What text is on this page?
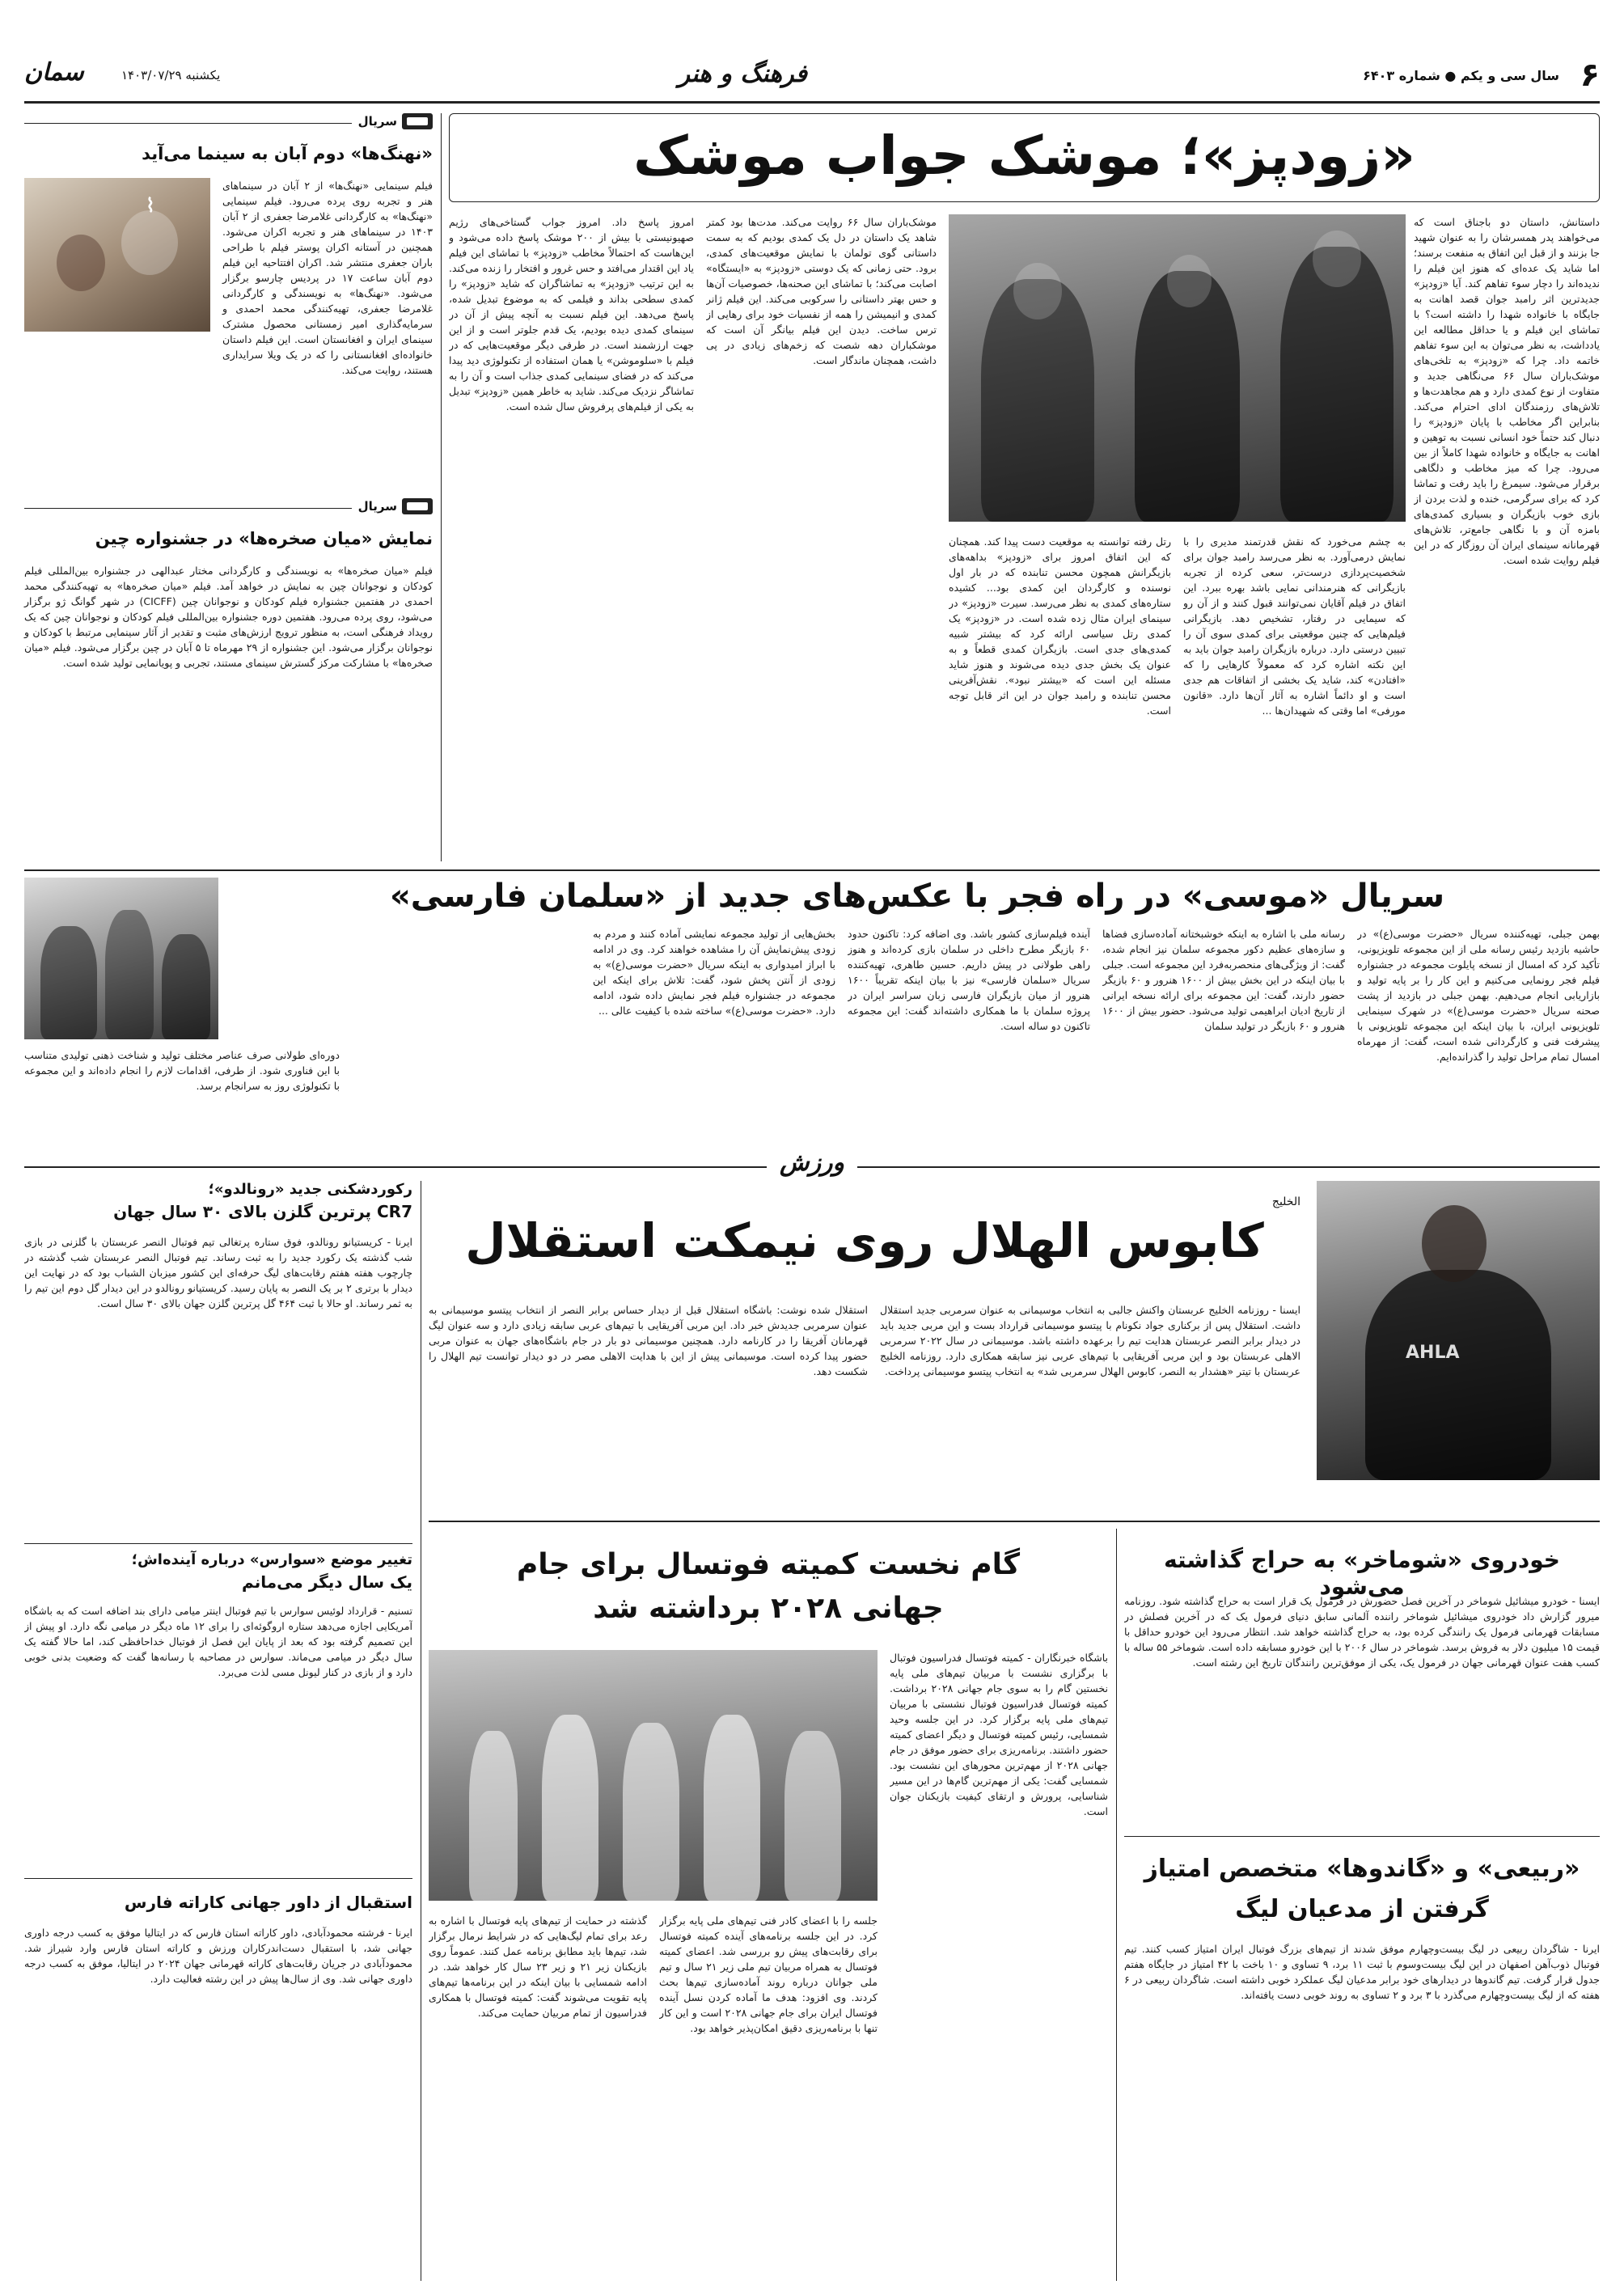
۶
سال سی و یکم ● شماره ۶۴۰۳
فرهنگ و هنر
یکشنبه ۱۴۰۳/۰۷/۲۹
سمان
سریال
«نهنگ‌ها» دوم آبان به سینما می‌آید
⌇
فیلم سینمایی «نهنگ‌ها» از ۲ آبان در سینماهای هنر و تجربه روی پرده می‌رود. فیلم سینمایی «نهنگ‌ها» به کارگردانی غلامرضا جعفری از ۲ آبان ۱۴۰۳ در سینماهای هنر و تجربه اکران می‌شود. همچنین در آستانه اکران پوستر فیلم با طراحی باران جعفری منتشر شد. اکران افتتاحیه این فیلم دوم آبان ساعت ۱۷ در پردیس چارسو برگزار می‌شود. «نهنگ‌ها» به نویسندگی و کارگردانی غلامرضا جعفری، تهیه‌کنندگی محمد احمدی و سرمایه‌گذاری امیر زمستانی محصول مشترک سینمای ایران و افغانستان است. این فیلم داستان خانواده‌ای افغانستانی را که در یک ویلا سرایداری هستند، روایت می‌کند.
سریال
نمایش «میان صخره‌ها» در جشنواره چین
فیلم «میان صخره‌ها» به نویسندگی و کارگردانی مختار عبدالهی در جشنواره بین‌المللی فیلم کودکان و نوجوانان چین به نمایش در خواهد آمد. فیلم «میان صخره‌ها» به تهیه‌کنندگی محمد احمدی در هفتمین جشنواره فیلم کودکان و نوجوانان چین (CICFF) در شهر گوانگ ژو برگزار می‌شود، روی پرده می‌رود. هفتمین دوره جشنواره بین‌المللی فیلم کودکان و نوجوانان چین که یک رویداد فرهنگی است، به منظور ترویج ارزش‌های مثبت و تقدیر از آثار سینمایی مرتبط با کودکان و نوجوانان برگزار می‌شود. این جشنواره از ۲۹ مهرماه تا ۵ آبان در چین برگزار می‌شود. فیلم «میان صخره‌ها» با مشارکت مرکز گسترش سینمای مستند، تجربی و پویانمایی تولید شده است.
«زودپز»؛ موشک جواب موشک
داستانش، داستان دو باجناق است که می‌خواهند پدر همسرشان را به عنوان شهید جا بزنند و از قبل این اتفاق به منفعت برسند؛ اما شاید یک عده‌ای که هنوز این فیلم را ندیده‌اند را دچار سوء تفاهم کند. آیا «زودپز» جدیدترین اثر رامبد جوان قصد اهانت به جایگاه با خانواده شهدا را داشته است؟ با تماشای این فیلم و یا حداقل مطالعه این یادداشت، به نظر می‌توان به این سوء تفاهم خاتمه داد. چرا که «زودپز» به تلخی‌های موشک‌باران سال ۶۶ می‌نگاهی جدید و متفاوت از نوع کمدی دارد و هم مجاهدت‌ها و تلاش‌های رزمندگان ادای احترام می‌کند. بنابراین اگر مخاطب با پایان «زودپز» را دنبال کند حتماً خود انسانی نسبت به توهین و اهانت به جایگاه و خانواده شهدا کاملاً از بین می‌رود. چرا که میز مخاطب و دلگاهی برقرار می‌شود. سیمرغ را باید رفت و تماشا کرد که برای سرگرمی، خنده و لذت بردن از بازی خوب بازیگران و بسیاری کمدی‌های بامزه آن و با نگاهی جامع‌تر، تلاش‌های قهرمانانه سینمای ایران آن روزگار که در این فیلم روایت شده است.
به چشم می‌خورد که نقش قدرتمند مدیری را با نمایش درمی‌آورد. به نظر می‌رسد رامبد جوان برای شخصیت‌پردازی درست‌تر، سعی کرده از تجربه بازیگرانی که هنرمندانی نمایی باشد بهره ببرد. این اتفاق در فیلم آقایان نمی‌توانند قبول کنند و از آن رو که سیمایی در رفتار، تشخیص دهد. بازیگرانی فیلم‌هایی که چنین موقعیتی برای کمدی سوی آن را تبیین درستی دارد. درباره بازیگران رامبد جوان باید به این نکته اشاره کرد که معمولاً کارهایی را که «افتادن» کند، شاید یک بخشی از اتفاقات هم جدی است و او دائماً اشاره به آثار آن‌ها دارد. «قانون مورفی» اما وقتی که شهیدان‌ها ...
رتل رفته توانسته به موقعیت دست پیدا کند. همچنان که این اتفاق امروز برای «زودپز» بداهه‌های بازیگرانش همچون محسن تنابنده که در بار اول نوسنده و کارگردان این کمدی بود... کشیده ستاره‌های کمدی به نظر می‌رسد. سیرت «زودپز» در سینمای ایران مثال زده شده است. در «زودپز» یک کمدی رتل سیاسی ارائه کرد که بیشتر شبیه کمدی‌های جدی است. بازیگران کمدی قطعاً و به عنوان یک بخش جدی دیده می‌شوند و هنوز شاید مسئله این است که «بیشتر نبود». نقش‌آفرینی محسن تنابنده و رامبد جوان در این اثر قابل توجه است.
موشک‌باران سال ۶۶ روایت می‌کند. مدت‌ها بود کمتر شاهد یک داستان در دل یک کمدی بودیم که به سمت داستانی گوی تولمان با نمایش موقعیت‌های کمدی، برود. حتی زمانی که یک دوستی «زودپز» به «ایستگاه» اصابت می‌کند؛ با تماشای این صحنه‌ها، خصوصیات آن‌ها و حس بهتر داستانی را سرکوبی می‌کند. این فیلم ژانر کمدی و انیمیشن را همه از نفسیات خود برای رهایی از ترس ساخت. دیدن این فیلم بیانگر آن است که موشکباران دهه شصت که زخم‌های زیادی در پی داشت، همچنان ماندگار است.
امروز پاسخ داد. امروز جواب گستاخی‌های رژیم صهیونیستی با بیش از ۲۰۰ موشک پاسخ داده می‌شود و این‌هاست که احتمالاً مخاطب «زودپز» با تماشای این فیلم یاد این اقتدار می‌افتد و حس غرور و افتخار را زنده می‌کند. به این ترتیب «زودپز» به تماشاگران که شاید «زودپز» را کمدی سطحی بداند و فیلمی که به موضوع تبدیل شده، پاسخ می‌دهد. این فیلم نسبت به آنچه پیش از آن در سینمای کمدی دیده بودیم، یک قدم جلوتر است و از این جهت ارزشمند است. در طرفی دیگر موقعیت‌هایی که در فیلم با «سلوموشن» یا همان استفاده از تکنولوژی دید پیدا می‌کند که در فضای سینمایی کمدی جذاب است و آن را به تماشاگر نزدیک می‌کند. شاید به خاطر همین «زودپز» تبدیل به یکی از فیلم‌های پرفروش سال شده است.
سریال «موسی» در راه فجر با عکس‌های جدید از «سلمان فارسی»
بهمن جبلی، تهیه‌کننده سریال «حضرت موسی(ع)» در حاشیه بازدید رئیس رسانه ملی از این مجموعه تلویزیونی، تأکید کرد که امسال از نسخه پایلوت مجموعه در جشنواره فیلم فجر رونمایی می‌کنیم و این کار را بر پایه تولید و بازاریابی انجام می‌دهیم. بهمن جبلی در بازدید از پشت صحنه سریال «حضرت موسی(ع)» در شهرک سینمایی تلویزیونی ایران، با بیان اینکه این مجموعه تلویزیونی با پیشرفت فنی و کارگردانی شده است، گفت: از مهرماه امسال تمام مراحل تولید را گذرانده‌ایم.
رسانه ملی با اشاره به اینکه خوشبختانه آماده‌سازی فضاها و سازه‌های عظیم دکور مجموعه سلمان نیز انجام شده، گفت: از ویژگی‌های منحصربه‌فرد این مجموعه است. جبلی با بیان اینکه در این بخش بیش از ۱۶۰۰ هنرور و ۶۰ بازیگر حضور دارند، گفت: این مجموعه برای ارائه نسخه ایرانی از تاریخ ادیان ابراهیمی تولید می‌شود. حضور بیش از ۱۶۰۰ هنرور و ۶۰ بازیگر در تولید سلمان
آینده فیلم‌سازی کشور باشد. وی اضافه کرد: تاکنون حدود ۶۰ بازیگر مطرح داخلی در سلمان بازی کرده‌اند و هنوز راهی طولانی در پیش داریم. حسین طاهری، تهیه‌کننده سریال «سلمان فارسی» نیز با بیان اینکه تقریباً ۱۶۰۰ هنرور از میان بازیگران فارسی زبان سراسر ایران در پروژه سلمان با ما همکاری داشته‌اند گفت: این مجموعه تاکنون دو ساله است.
بخش‌هایی از تولید مجموعه نمایشی آماده کنند و مردم به زودی پیش‌نمایش آن را مشاهده خواهند کرد. وی در ادامه با ابراز امیدواری به اینکه سریال «حضرت موسی(ع)» به زودی از آنتن پخش شود، گفت: تلاش برای اینکه این مجموعه در جشنواره فیلم فجر نمایش داده شود، ادامه دارد. «حضرت موسی(ع)» ساخته شده با کیفیت عالی ...
دوره‌ای طولانی صرف عناصر مختلف تولید و شناخت ذهنی تولیدی متناسب با این فناوری شود. از طرفی، اقدامات لازم را انجام داده‌اند و این مجموعه با تکنولوژی روز به سرانجام برسد.
ورزش
رکوردشکنی جدید «رونالدو»؛
CR7 پرترین گلزن بالای ۳۰ سال جهان
ایرنا - کریستیانو رونالدو، فوق ستاره پرتغالی تیم فوتبال النصر عربستان با گلزنی در بازی شب گذشته یک رکورد جدید را به ثبت رساند. تیم فوتبال النصر عربستان شب گذشته در چارچوب هفته هفتم رقابت‌های لیگ حرفه‌ای این کشور میزبان الشباب بود که در نهایت این دیدار با برتری ۲ بر یک النصر به پایان رسید. کریستیانو رونالدو در این دیدار گل دوم این تیم را به ثمر رساند. او حالا با ثبت ۴۶۴ گل پرترین گلزن جهان بالای ۳۰ سال است.
تغییر موضع «سوارس» درباره آینده‌اش؛
یک سال دیگر می‌مانم
تسنیم - قرارداد لوئیس سوارس با تیم فوتبال اینتر میامی دارای بند اضافه است که به باشگاه آمریکایی اجازه می‌دهد ستاره اروگوئه‌ای را برای ۱۲ ماه دیگر در میامی نگه دارد. او پیش از این تصمیم گرفته بود که بعد از پایان این فصل از فوتبال خداحافظی کند، اما حالا گفته یک سال دیگر در میامی می‌ماند. سوارس در مصاحبه با رسانه‌ها گفت که وضعیت بدنی خوبی دارد و از بازی در کنار لیونل مسی لذت می‌برد.
استقبال از داور جهانی کاراته فارس
ایرنا - فرشته محمودآبادی، داور کاراته استان فارس که در ایتالیا موفق به کسب درجه داوری جهانی شد، با استقبال دست‌اندرکاران ورزش و کاراته استان فارس وارد شیراز شد. محمودآبادی در جریان رقابت‌های کاراته قهرمانی جهان ۲۰۲۴ در ایتالیا، موفق به کسب درجه داوری جهانی شد. وی از سال‌ها پیش در این رشته فعالیت دارد.
AHLA
الخلیج
کابوس الهلال روی نیمکت استقلال
ایسنا - روزنامه الخلیج عربستان واکنش جالبی به انتخاب موسیمانی به عنوان سرمربی جدید استقلال داشت. استقلال پس از برکناری جواد نکونام با پیتسو موسیمانی قرارداد بست و این مربی جدید باید در دیدار برابر النصر عربستان هدایت تیم را برعهده داشته باشد. موسیمانی در سال ۲۰۲۲ سرمربی الاهلی عربستان بود و این مربی آفریقایی با تیم‌های عربی نیز سابقه همکاری دارد. روزنامه الخلیج عربستان با تیتر «هشدار به النصر، کابوس الهلال سرمربی شد» به انتخاب پیتسو موسیمانی پرداخت.
استقلال شده نوشت: باشگاه استقلال قبل از دیدار حساس برابر النصر از انتخاب پیتسو موسیمانی به عنوان سرمربی جدیدش خبر داد. این مربی آفریقایی با تیم‌های عربی سابقه زیادی دارد و سه عنوان لیگ قهرمانان آفریقا را در کارنامه دارد. همچنین موسیمانی دو بار در جام باشگاه‌های جهان به عنوان مربی حضور پیدا کرده است. موسیمانی پیش از این با هدایت الاهلی مصر در دو دیدار توانست تیم الهلال را شکست دهد.
گام نخست کمیته فوتسال برای جام جهانی ۲۰۲۸ برداشته شد
باشگاه خبرنگاران - کمیته فوتسال فدراسیون فوتبال با برگزاری نشست با مربیان تیم‌های ملی پایه نخستین گام را به سوی جام جهانی ۲۰۲۸ برداشت. کمیته فوتسال فدراسیون فوتبال نشستی با مربیان تیم‌های ملی پایه برگزار کرد. در این جلسه وحید شمسایی، رئیس کمیته فوتسال و دیگر اعضای کمیته حضور داشتند. برنامه‌ریزی برای حضور موفق در جام جهانی ۲۰۲۸ از مهم‌ترین محورهای این نشست بود. شمسایی گفت: یکی از مهم‌ترین گام‌ها در این مسیر شناسایی، پرورش و ارتقای کیفیت بازیکنان جوان است.
جلسه را با اعضای کادر فنی تیم‌های ملی پایه برگزار کرد. در این جلسه برنامه‌های آینده کمیته فوتسال برای رقابت‌های پیش رو بررسی شد. اعضای کمیته فوتسال به همراه مربیان تیم ملی زیر ۲۱ سال و تیم ملی جوانان درباره روند آماده‌سازی تیم‌ها بحث کردند. وی افزود: هدف ما آماده کردن نسل آینده فوتسال ایران برای جام جهانی ۲۰۲۸ است و این کار تنها با برنامه‌ریزی دقیق امکان‌پذیر خواهد بود.
گذشته در حمایت از تیم‌های پایه فوتسال با اشاره به رعد برای تمام لیگ‌هایی که در شرایط نرمال برگزار شد، تیم‌ها باید مطابق برنامه عمل کنند. عموماً روی بازیکنان زیر ۲۱ و زیر ۲۳ سال کار خواهد شد. در ادامه شمسایی با بیان اینکه در این برنامه‌ها تیم‌های پایه تقویت می‌شوند گفت: کمیته فوتسال با همکاری فدراسیون از تمام مربیان حمایت می‌کند.
خودروی «شوماخر» به حراج گذاشته می‌شود
ایسنا - خودرو میشائیل شوماخر در آخرین فصل حضورش در فرمول یک قرار است به حراج گذاشته شود. روزنامه میرور گزارش داد خودروی میشائیل شوماخر راننده آلمانی سابق دنیای فرمول یک که در آخرین فصلش در مسابقات قهرمانی فرمول یک رانندگی کرده بود، به حراج گذاشته خواهد شد. انتظار می‌رود این خودرو حداقل با قیمت ۱۵ میلیون دلار به فروش برسد. شوماخر در سال ۲۰۰۶ با این خودرو مسابقه داده است. شوماخر ۵۵ ساله با کسب هفت عنوان قهرمانی جهان در فرمول یک، یکی از موفق‌ترین رانندگان تاریخ این رشته است.
«ربیعی» و «گاندوها» متخصص امتیاز گرفتن از مدعیان لیگ
ایرنا - شاگردان ربیعی در لیگ بیست‌وچهارم موفق شدند از تیم‌های بزرگ فوتبال ایران امتیاز کسب کنند. تیم فوتبال ذوب‌آهن اصفهان در این لیگ بیست‌وسوم با ثبت ۱۱ برد، ۹ تساوی و ۱۰ باخت با ۴۲ امتیاز در جایگاه هفتم جدول قرار گرفت. تیم گاندوها در دیدارهای خود برابر مدعیان لیگ عملکرد خوبی داشته است. شاگردان ربیعی در ۶ هفته که از لیگ بیست‌وچهارم می‌گذرد با ۳ برد و ۲ تساوی به روند خوبی دست یافته‌اند.
